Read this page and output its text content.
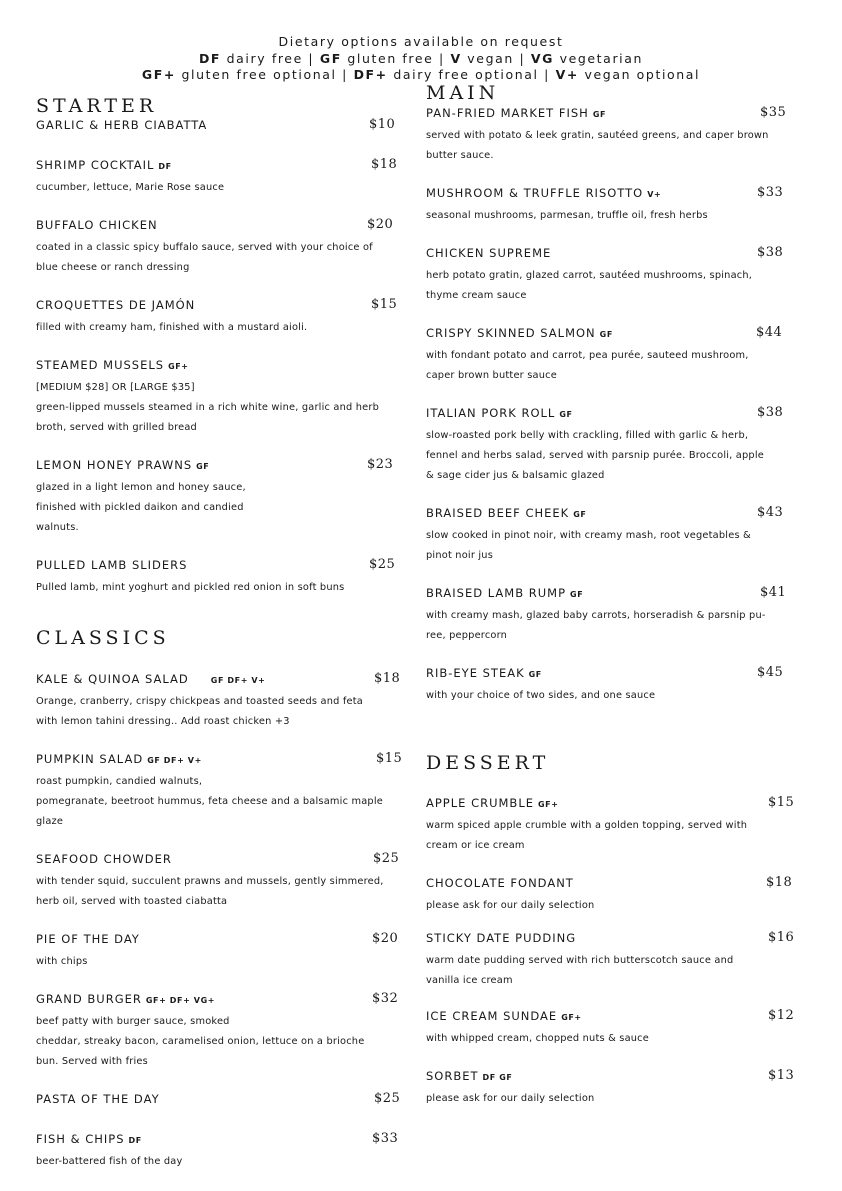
Dietary options available on request
DF dairy free | GF gluten free | V vegan | VG vegetarian
GF+ gluten free optional | DF+ dairy free optional | V+ vegan optional
STARTER
GARLIC & HERB CIABATTA	$10
SHRIMP COCKTAIL DF	$18
cucumber, lettuce, Marie Rose sauce
BUFFALO CHICKEN	$20
coated in a classic spicy buffalo sauce, served with your choice of
blue cheese or ranch dressing
CROQUETTES DE JAMÓN	$15
filled with creamy ham, finished with a mustard aioli.
STEAMED MUSSELS GF+
[MEDIUM $28] OR [LARGE $35]
green-lipped mussels steamed in a rich white wine, garlic and herb
broth, served with grilled bread
LEMON HONEY PRAWNS GF	$23
glazed in a light lemon and honey sauce,
finished with pickled daikon and candied
walnuts.
PULLED LAMB SLIDERS	$25
Pulled lamb, mint yoghurt and pickled red onion in soft buns
CLASSICS
KALE & QUINOA SALAD	GF DF+ V+	$18
Orange, cranberry, crispy chickpeas and toasted seeds and feta
with lemon tahini dressing.. Add roast chicken +3
PUMPKIN SALAD GF DF+ V+	$15
roast pumpkin, candied walnuts,
pomegranate, beetroot hummus, feta cheese and a balsamic maple
glaze
SEAFOOD CHOWDER	$25
with tender squid, succulent prawns and mussels, gently simmered,
herb oil, served with toasted ciabatta
PIE OF THE DAY	$20
with chips
GRAND BURGER GF+ DF+ VG+	$32
beef patty with burger sauce, smoked
cheddar, streaky bacon, caramelised onion, lettuce on a brioche
bun. Served with fries
PASTA OF THE DAY	$25
FISH & CHIPS DF	$33
beer-battered fish of the day
MAIN
PAN-FRIED MARKET FISH GF	$35
served with potato & leek gratin, sautéed greens, and caper brown
butter sauce.
MUSHROOM & TRUFFLE RISOTTO V+	$33
seasonal mushrooms, parmesan, truffle oil, fresh herbs
CHICKEN SUPREME	$38
herb potato gratin, glazed carrot, sautéed mushrooms, spinach,
thyme cream sauce
CRISPY SKINNED SALMON GF	$44
with fondant potato and carrot, pea purée, sauteed mushroom,
caper brown butter sauce
ITALIAN PORK ROLL GF	$38
slow-roasted pork belly with crackling, filled with garlic & herb,
fennel and herbs salad, served with parsnip purée. Broccoli, apple
& sage cider jus & balsamic glazed
BRAISED BEEF CHEEK GF	$43
slow cooked in pinot noir, with creamy mash, root vegetables &
pinot noir jus
BRAISED LAMB RUMP GF	$41
with creamy mash, glazed baby carrots, horseradish & parsnip pu-
ree, peppercorn
RIB-EYE STEAK GF	$45
with your choice of two sides, and one sauce
DESSERT
APPLE CRUMBLE GF+	$15
warm spiced apple crumble with a golden topping, served with
cream or ice cream
CHOCOLATE FONDANT	$18
please ask for our daily selection
STICKY DATE PUDDING	$16
warm date pudding served with rich butterscotch sauce and
vanilla ice cream
ICE CREAM SUNDAE GF+	$12
with whipped cream, chopped nuts & sauce
SORBET DF GF	$13
please ask for our daily selection
